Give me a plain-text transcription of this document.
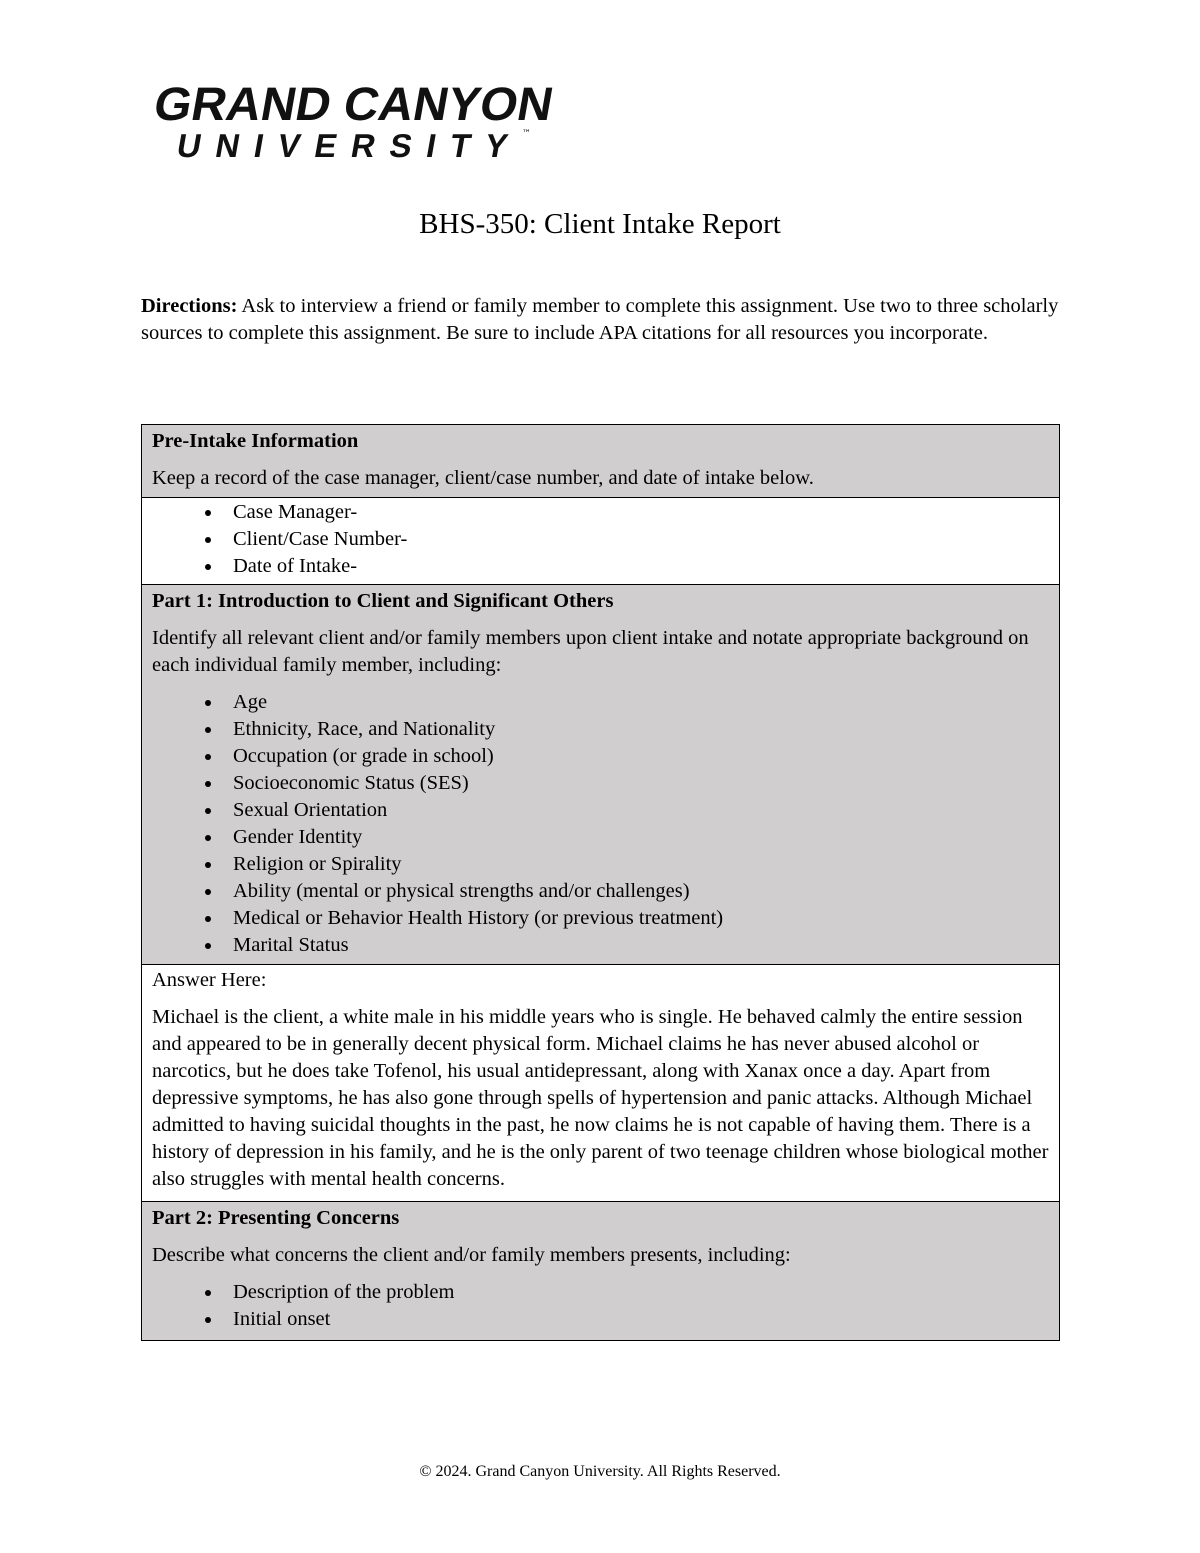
GRAND CANYON
UNIVERSITY ™
BHS-350: Client Intake Report

Directions: Ask to interview a friend or family member to complete this assignment. Use two to three scholarly sources to complete this assignment. Be sure to include APA citations for all resources you incorporate.

Pre-Intake Information

Keep a record of the case manager, client/case number, and date of intake below.

• Case Manager-
• Client/Case Number-
• Date of Intake-

Part 1: Introduction to Client and Significant Others

Identify all relevant client and/or family members upon client intake and notate appropriate background on each individual family member, including:

• Age
• Ethnicity, Race, and Nationality
• Occupation (or grade in school)
• Socioeconomic Status (SES)
• Sexual Orientation
• Gender Identity
• Religion or Spirality
• Ability (mental or physical strengths and/or challenges)
• Medical or Behavior Health History (or previous treatment)
• Marital Status

Answer Here:

Michael is the client, a white male in his middle years who is single. He behaved calmly the entire session and appeared to be in generally decent physical form. Michael claims he has never abused alcohol or narcotics, but he does take Tofenol, his usual antidepressant, along with Xanax once a day. Apart from depressive symptoms, he has also gone through spells of hypertension and panic attacks. Although Michael admitted to having suicidal thoughts in the past, he now claims he is not capable of having them. There is a history of depression in his family, and he is the only parent of two teenage children whose biological mother also struggles with mental health concerns.

Part 2: Presenting Concerns

Describe what concerns the client and/or family members presents, including:

• Description of the problem
• Initial onset
© 2024. Grand Canyon University. All Rights Reserved.
